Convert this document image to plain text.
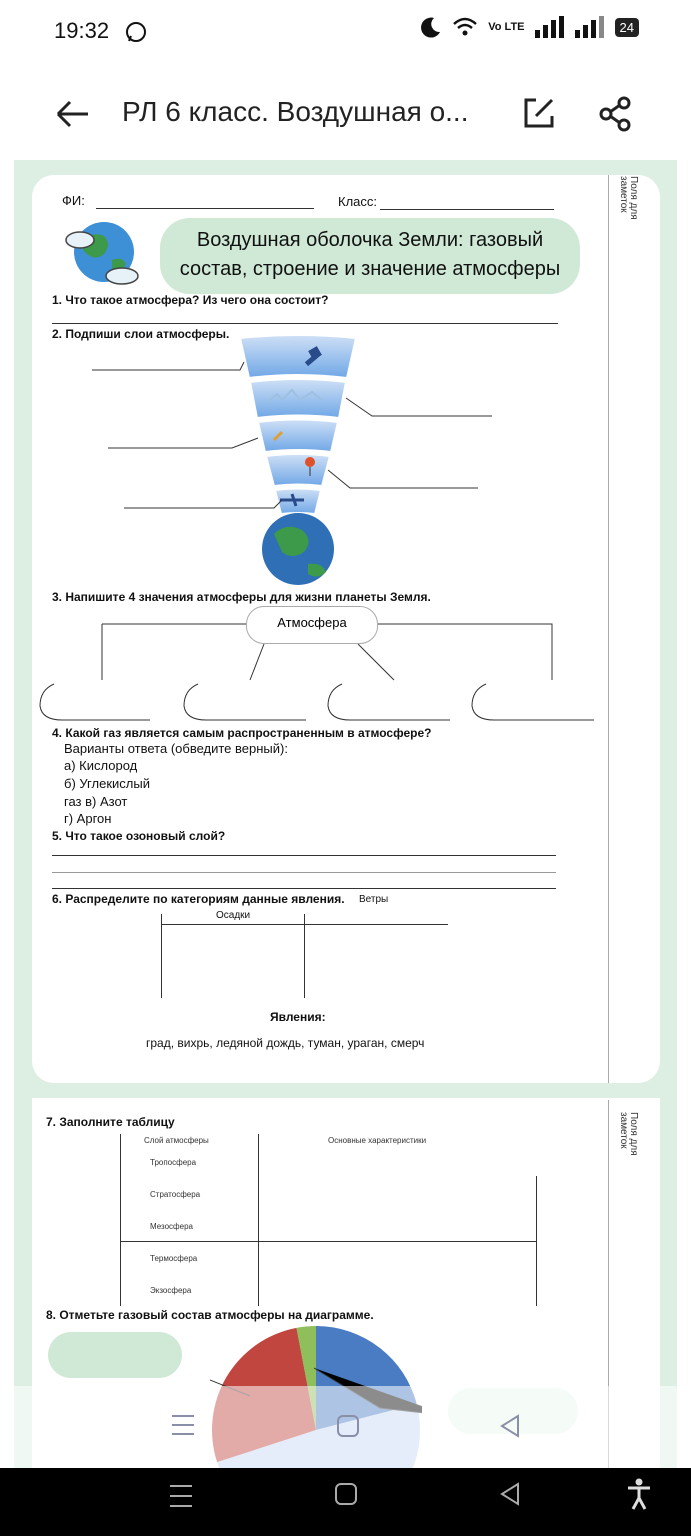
19:32	Vo LTE	24
РЛ 6 класс. Воздушная о...
Поля для заметок
ФИ:	Класс:
Воздушная оболочка Земли: газовый
состав, строение и значение атмосферы
1. Что такое атмосфера? Из чего она состоит?
2. Подпиши слои атмосферы.
3. Напишите 4 значения атмосферы для жизни планеты Земля.
Атмосфера
4. Какой газ является самым распространенным в атмосфере?
Варианты ответа (обведите верный):
а) Кислород
б) Углекислый
газ в) Азот
г) Аргон
5. Что такое озоновый слой?
6. Распределите по категориям данные явления. Ветры
Осадки
Явления:
град, вихрь, ледяной дождь, туман, ураган, смерч
Поля для заметок
7. Заполните таблицу
Слой атмосферы	Основные характеристики
Тропосфера
Стратосфера
Мезосфера
Термосфера
Экзосфера
8. Отметьте газовый состав атмосферы на диаграмме.
